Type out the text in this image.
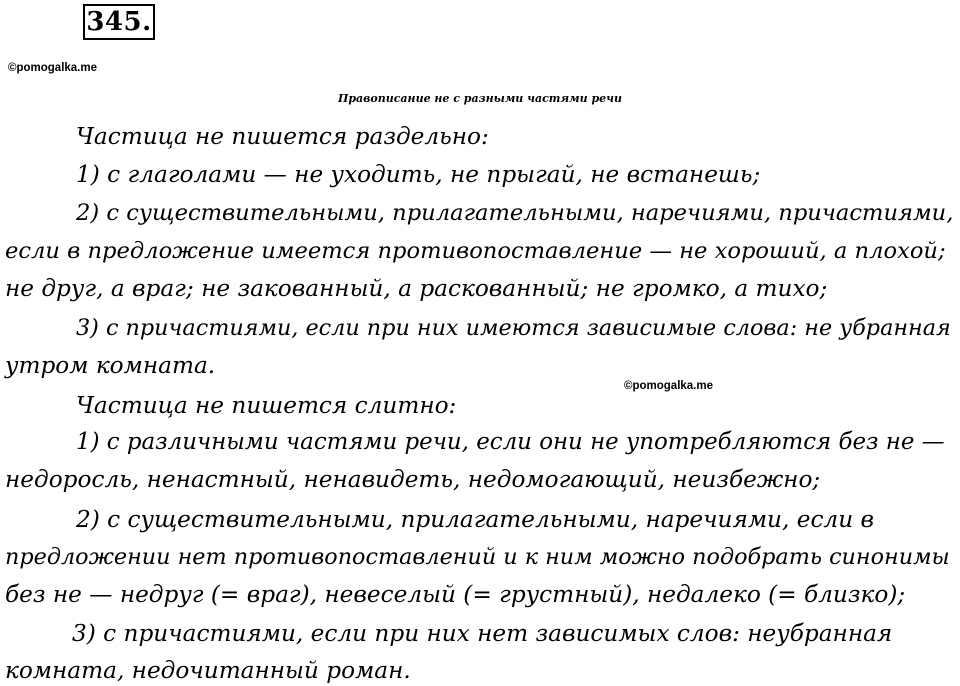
345.
©pomogalka.me
©pomogalka.me
Правописание не с разными частями речи
Частица не пишется раздельно:
1) с глаголами — не уходить, не прыгай, не встанешь;
2) с существительными, прилагательными, наречиями, причастиями,
если в предложение имеется противопоставление — не хороший, а плохой;
не друг, а враг; не закованный, а раскованный; не громко, а тихо;
3) с причастиями, если при них имеются зависимые слова: не убранная
утром комната.
Частица не пишется слитно:
1) с различными частями речи, если они не употребляются без не —
недоросль, ненастный, ненавидеть, недомогающий, неизбежно;
2) с существительными, прилагательными, наречиями, если в
предложении нет противопоставлений и к ним можно подобрать синонимы
без не — недруг (= враг), невеселый (= грустный), недалеко (= близко);
3) с причастиями, если при них нет зависимых слов: неубранная
комната, недочитанный роман.
